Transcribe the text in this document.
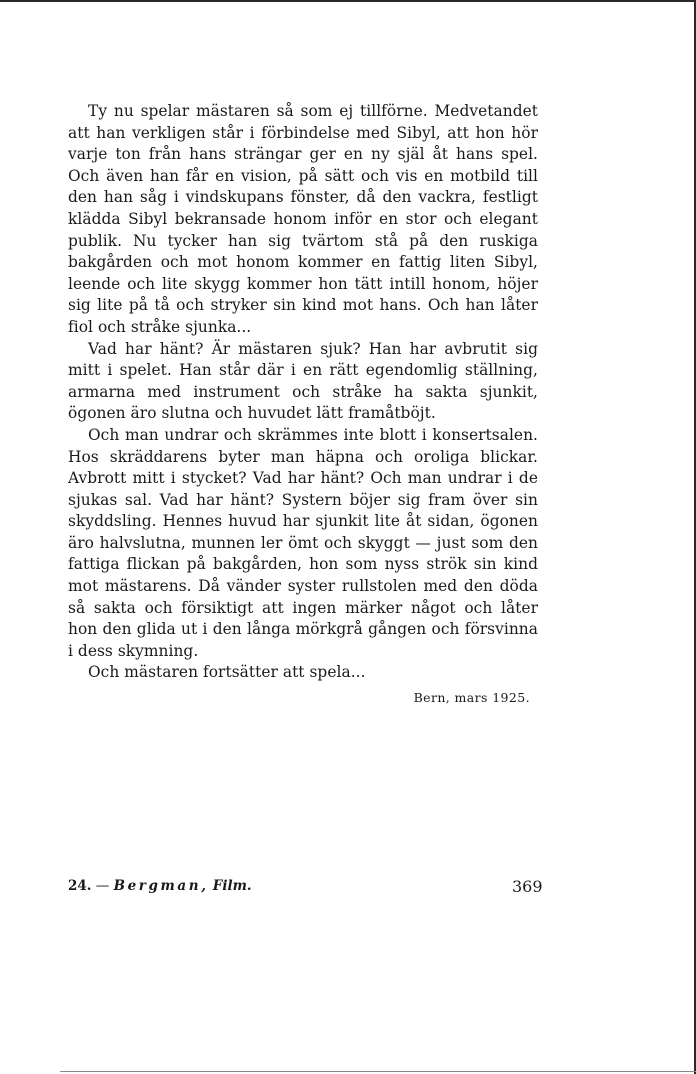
Ty nu spelar mästaren så som ej tillförne. Medvetandet att han verkligen står i förbindelse med Sibyl, att hon hör varje ton från hans strängar ger en ny själ åt hans spel. Och även han får en vision, på sätt och vis en motbild till den han såg i vindskupans fönster, då den vackra, festligt klädda Sibyl bekransade honom inför en stor och elegant publik. Nu tycker han sig tvärtom stå på den ruskiga bakgården och mot honom kommer en fattig liten Sibyl, leende och lite skygg kommer hon tätt intill honom, höjer sig lite på tå och stryker sin kind mot hans. Och han låter fiol och stråke sjunka...

Vad har hänt? Är mästaren sjuk? Han har avbrutit sig mitt i spelet. Han står där i en rätt egendomlig ställning, armarna med instrument och stråke ha sakta sjunkit, ögonen äro slutna och huvudet lätt framåtböjt.

Och man undrar och skrämmes inte blott i konsertsalen. Hos skräddarens byter man häpna och oroliga blickar. Avbrott mitt i stycket? Vad har hänt? Och man undrar i de sjukas sal. Vad har hänt? Systern böjer sig fram över sin skyddsling. Hennes huvud har sjunkit lite åt sidan, ögonen äro halvslutna, munnen ler ömt och skyggt — just som den fattiga flickan på bakgården, hon som nyss strök sin kind mot mästarens. Då vänder syster rullstolen med den döda så sakta och försiktigt att ingen märker något och låter hon den glida ut i den långa mörkgrå gången och försvinna i dess skymning.

Och mästaren fortsätter att spela...

Bern, mars 1925.

24. — Bergman, Film.	369
